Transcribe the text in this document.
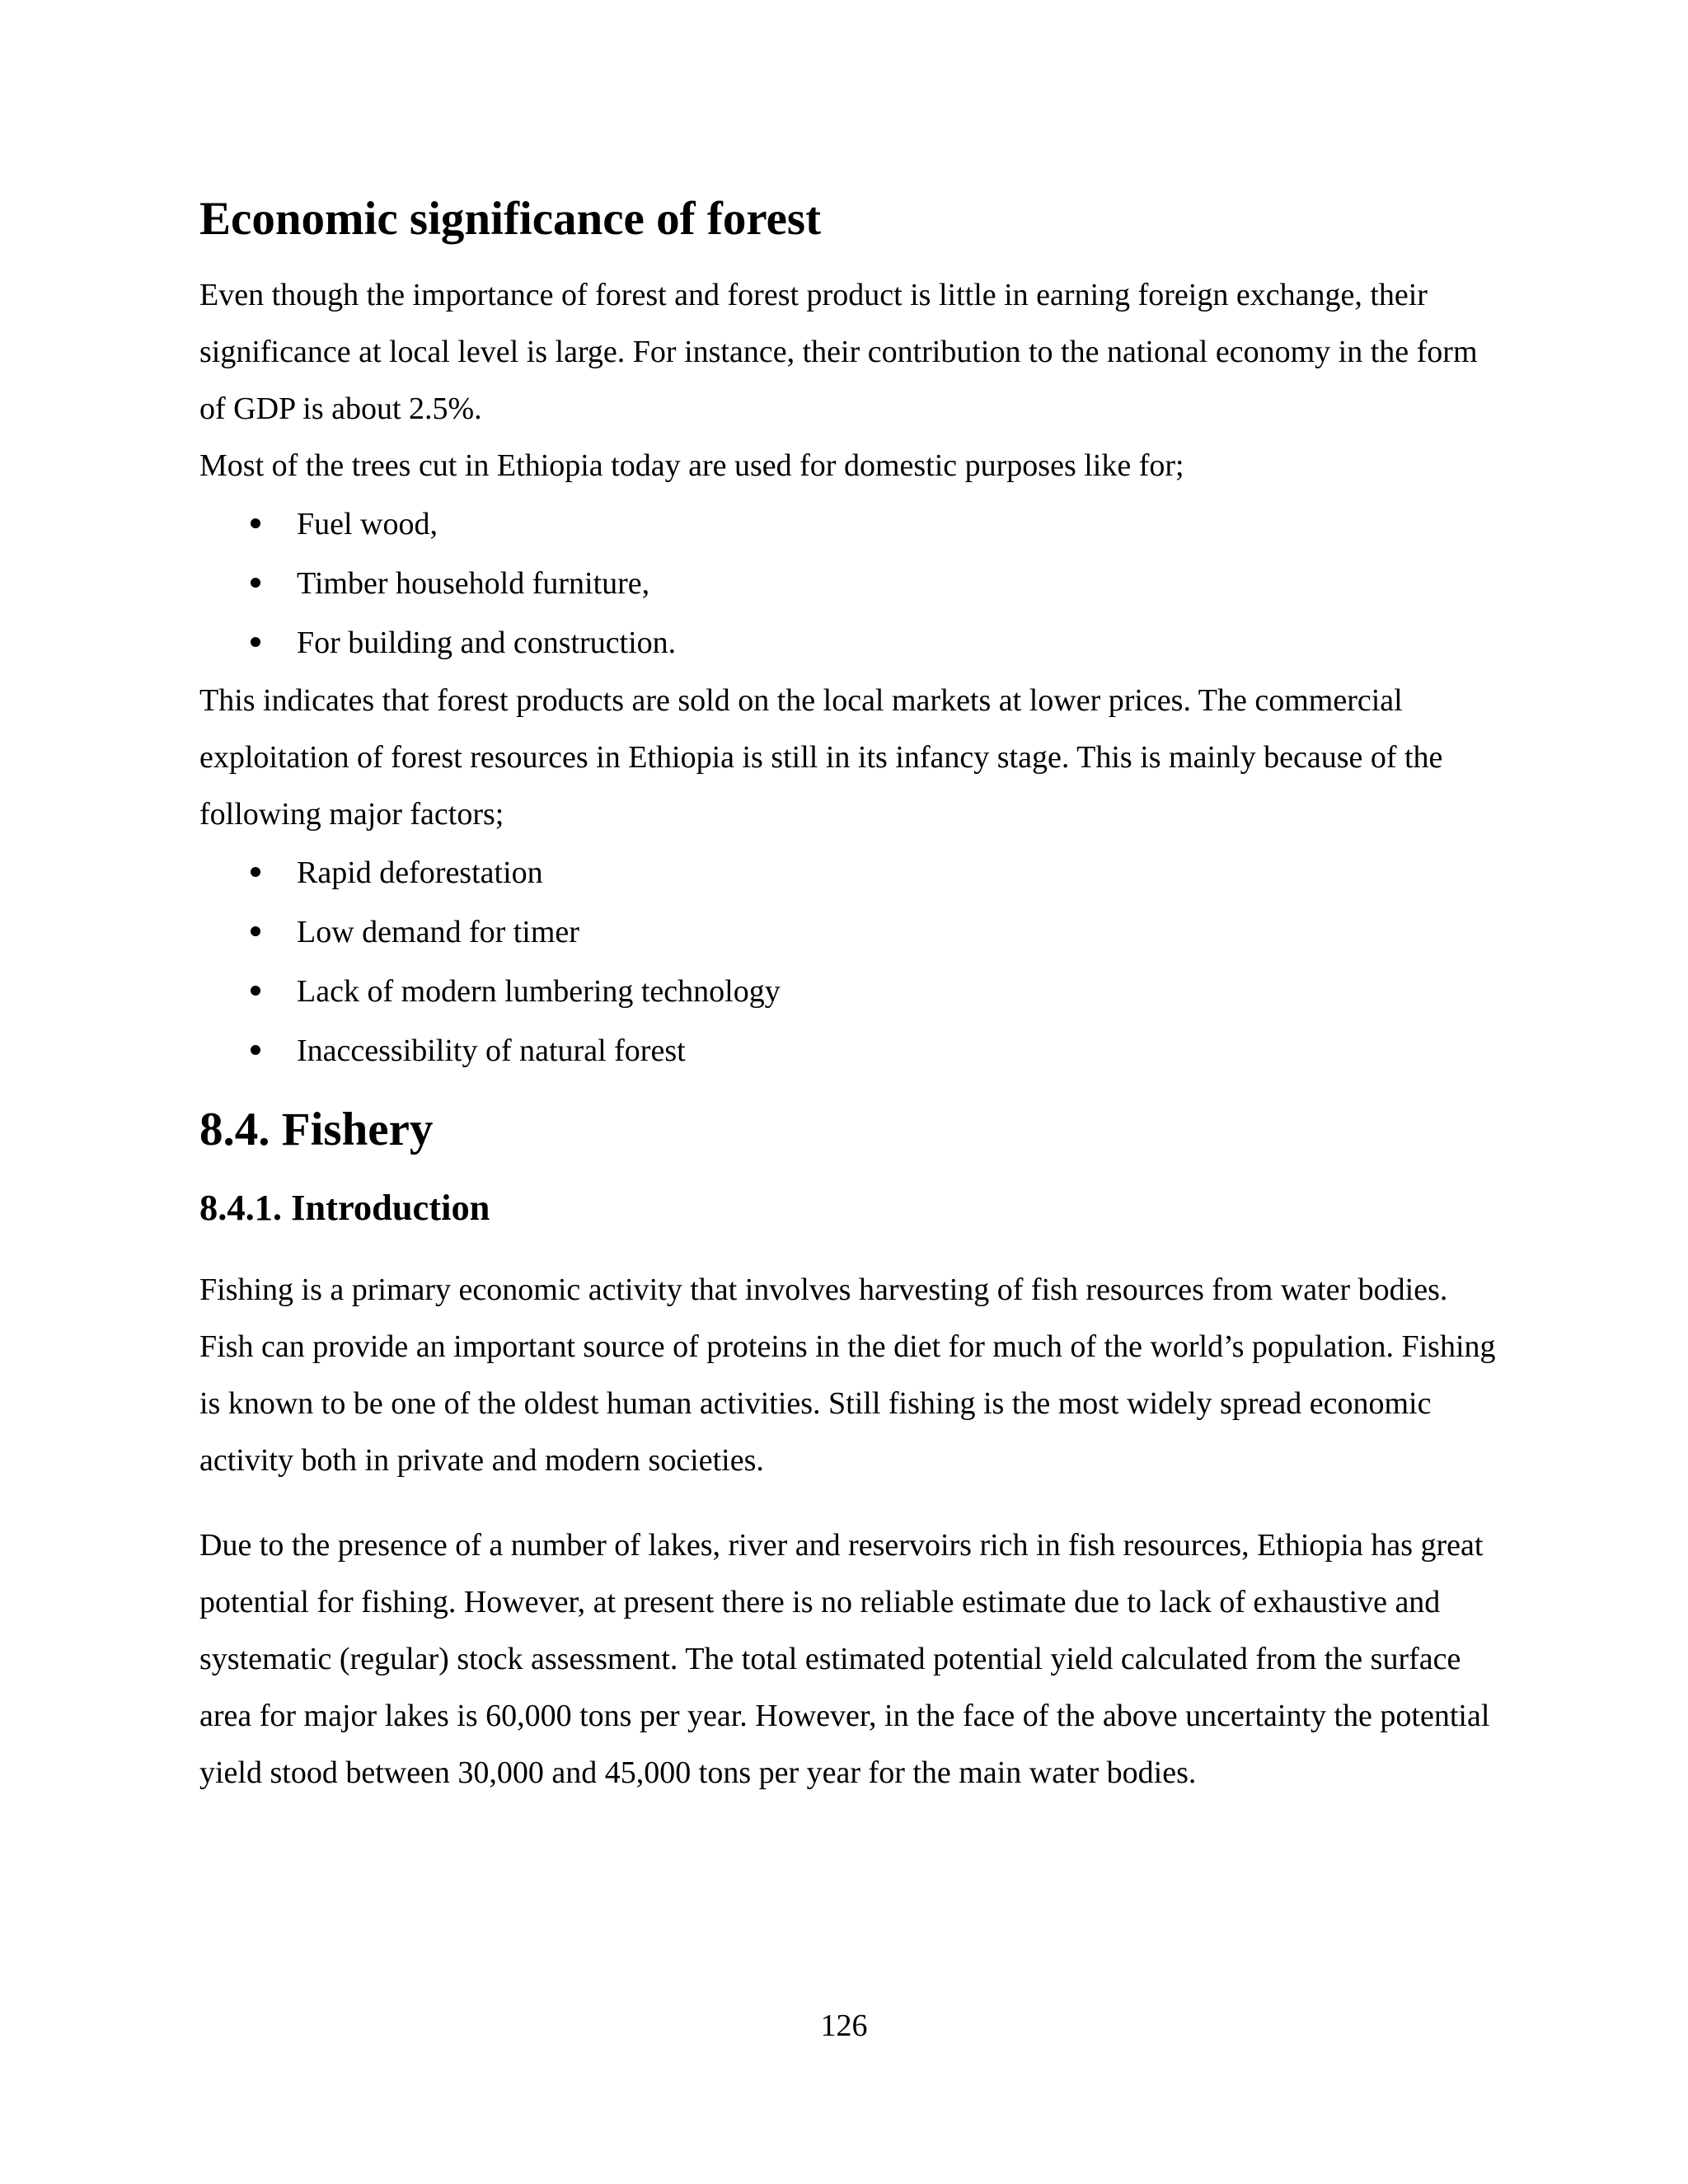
Economic significance of forest

Even though the importance of forest and forest product is little in earning foreign exchange, their significance at local level is large. For instance, their contribution to the national economy in the form of GDP is about 2.5%.

Most of the trees cut in Ethiopia today are used for domestic purposes like for;

Fuel wood,
Timber household furniture,
For building and construction.

This indicates that forest products are sold on the local markets at lower prices. The commercial exploitation of forest resources in Ethiopia is still in its infancy stage. This is mainly because of the following major factors;

Rapid deforestation
Low demand for timer
Lack of modern lumbering technology
Inaccessibility of natural forest
8.4. Fishery
8.4.1. Introduction

Fishing is a primary economic activity that involves harvesting of fish resources from water bodies. Fish can provide an important source of proteins in the diet for much of the world’s population. Fishing is known to be one of the oldest human activities. Still fishing is the most widely spread economic activity both in private and modern societies.

Due to the presence of a number of lakes, river and reservoirs rich in fish resources, Ethiopia has great potential for fishing. However, at present there is no reliable estimate due to lack of exhaustive and systematic (regular) stock assessment. The total estimated potential yield calculated from the surface area for major lakes is 60,000 tons per year. However, in the face of the above uncertainty the potential yield stood between 30,000 and 45,000 tons per year for the main water bodies.

126
